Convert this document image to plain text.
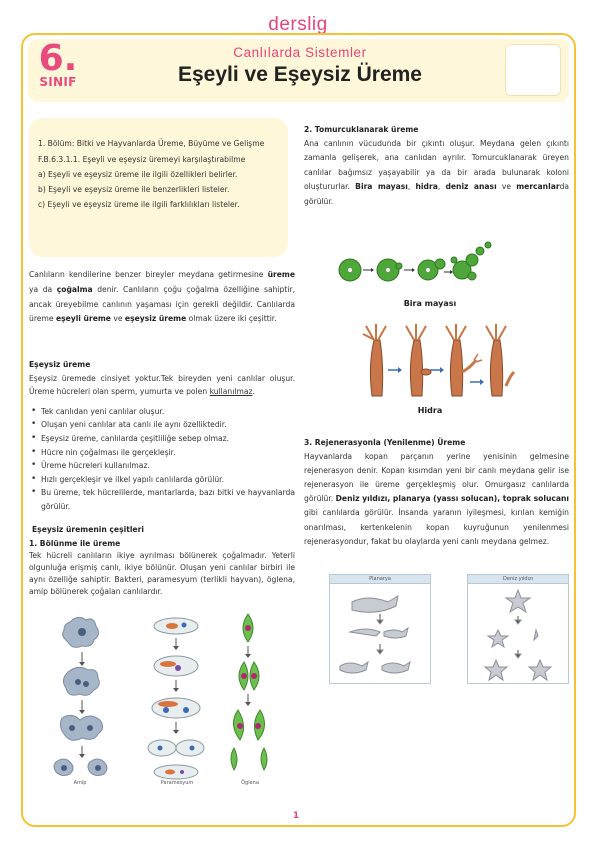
derslig
6.
SINIF
Canlılarda Sistemler
Eşeyli ve Eşeysiz Üreme

1. Bölüm: Bitki ve Hayvanlarda Üreme, Büyüme ve Gelişme

F.B.6.3.1.1. Eşeyli ve eşeysiz üremeyi karşılaştırabilme

a) Eşeyli ve eşeysiz üreme ile ilgili özellikleri belirler.

b) Eşeyli ve eşeysiz üreme ile benzerlikleri listeler.

c) Eşeyli ve eşeysiz üreme ile ilgili farklılıkları listeler.

Canlıların kendilerine benzer bireyler meydana getirmesine üreme ya da çoğalma denir. Canlıların çoğu çoğalma özelliğine sahiptir, ancak üreyebilme canlının yaşaması için gerekli değildir. Canlılarda üreme eşeyli üreme ve eşeysiz üreme olmak üzere iki çeşittir.

Eşeysiz üreme

Eşeysiz üremede cinsiyet yoktur.Tek bireyden yeni canlılar oluşur. Üreme hücreleri olan sperm, yumurta ve polen kullanılmaz.

• Tek canlıdan yeni canlılar oluşur.
• Oluşan yeni canlılar ata canlı ile aynı özelliktedir.
• Eşeysiz üreme, canlılarda çeşitliliğe sebep olmaz.
• Hücre nin çoğalması ile gerçekleşir.
• Üreme hücreleri kullanılmaz.
• Hızlı gerçekleşir ve ilkel yapılı canlılarda görülür.
• Bu üreme, tek hücrelilerde, mantarlarda, bazı bitki ve hayvanlarda görülür.
Eşeysiz üremenin çeşitleri
1. Bölünme ile üreme

Tek hücreli canlıların ikiye ayrılması bölünerek çoğalmadır. Yeterli olgunluğa erişmiş canlı, ikiye bölünür. Oluşan yeni canlılar birbiri ile aynı özelliğe sahiptir. Bakteri, paramesyum (terlikli hayvan), öglena, amip bölünerek çoğalan canlılardır.

Amip	Paramesyum	Öglena
2. Tomurcuklanarak üreme

Ana canlının vücudunda bir çıkıntı oluşur. Meydana gelen çıkıntı zamanla gelişerek, ana canlıdan ayrılır. Tomurcuklanarak üreyen canlılar bağımsız yaşayabilir ya da bir arada bulunarak koloni oluştururlar. Bira mayası, hidra, deniz anası ve mercanlarda görülür.

Bira mayası
Hidra
3. Rejenerasyonla (Yenilenme) Üreme

Hayvanlarda kopan parçanın yerine yenisinin gelmesine rejenerasyon denir. Kopan kısımdan yeni bir canlı meydana gelir ise rejenerasyon ile üreme gerçekleşmiş olur. Omurgasız canlılarda görülür. Deniz yıldızı, planarya (yassı solucan), toprak solucanı gibi canlılarda görülür. İnsanda yaranın iyileşmesi, kırılan kemiğin onarılması, kertenkelenin kopan kuyruğunun yenilenmesi rejenerasyondur, fakat bu olaylarda yeni canlı meydana gelmez.

Planarya	Deniz yıldızı
1
